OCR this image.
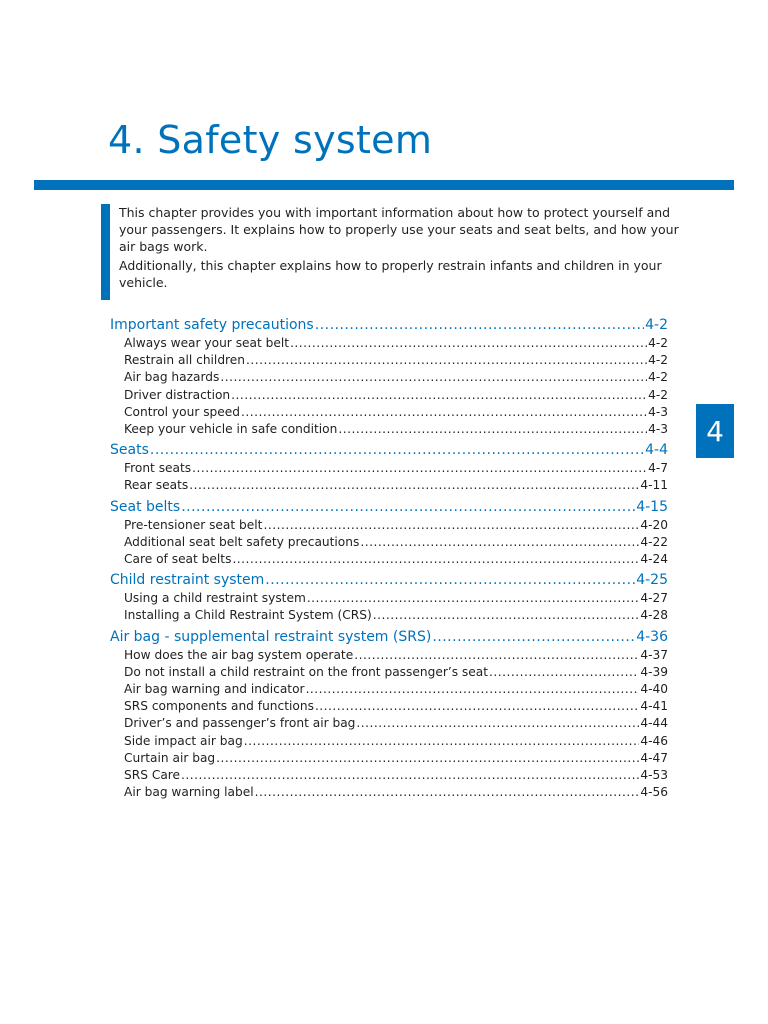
4. Safety system

This chapter provides you with important information about how to protect yourself and your passengers. It explains how to properly use your seats and seat belts, and how your air bags work.

Additionally, this chapter explains how to properly restrain infants and children in your vehicle.

Important safety precautions .....	4-2
Always wear your seat belt .....	4-2
Restrain all children .....	4-2
Air bag hazards .....	4-2
Driver distraction .....	4-2
Control your speed .....	4-3
Keep your vehicle in safe condition .....	4-3
Seats .....	4-4
Front seats .....	4-7
Rear seats .....	4-11
Seat belts .....	4-15
Pre-tensioner seat belt .....	4-20
Additional seat belt safety precautions .....	4-22
Care of seat belts .....	4-24
Child restraint system .....	4-25
Using a child restraint system .....	4-27
Installing a Child Restraint System (CRS) .....	4-28
Air bag - supplemental restraint system (SRS) .....	4-36
How does the air bag system operate .....	4-37
Do not install a child restraint on the front passenger’s seat .....	4-39
Air bag warning and indicator .....	4-40
SRS components and functions .....	4-41
Driver’s and passenger’s front air bag .....	4-44
Side impact air bag .....	4-46
Curtain air bag .....	4-47
SRS Care .....	4-53
Air bag warning label .....	4-56
4
